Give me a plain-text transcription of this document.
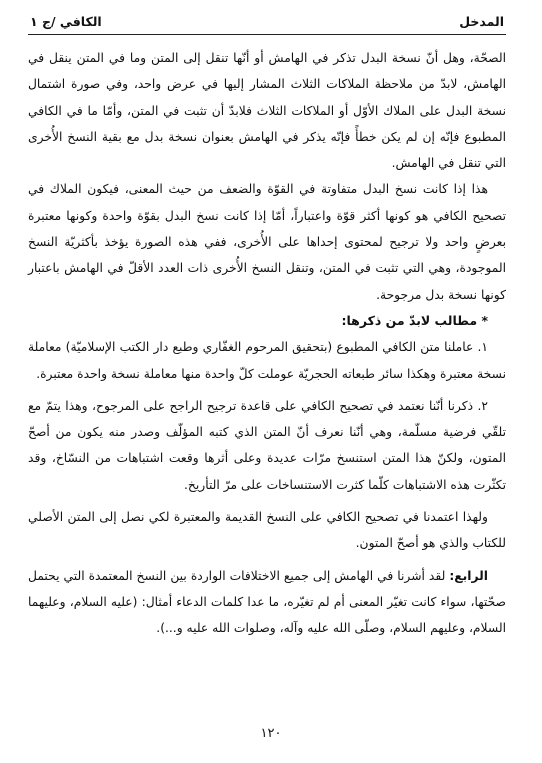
المدخل
الكافي /ج ١

الصحّة، وهل أنّ نسخة البدل تذكر في الهامش أو أنّها تنقل إلى المتن وما في المتن ينقل في الهامش، لابدّ من ملاحظة الملاكات الثلاث المشار إليها في عرض واحد، وفي صورة اشتمال نسخة البدل على الملاك الأوّل أو الملاكات الثلاث فلابدّ أن تثبت في المتن، وأمّا ما في الكافي المطبوع فإنّه إن لم يكن خطأً فإنّه يذكر في الهامش بعنوان نسخة بدل مع بقية النسخ الأُخرى التي تنقل في الهامش.

هذا إذا كانت نسخ البدل متفاوتة في القوّة والضعف من حيث المعنى، فيكون الملاك في تصحيح الكافي هو كونها أكثر قوّة واعتباراً، أمّا إذا كانت نسخ البدل بقوّة واحدة وكونها معتبرة بعرضٍ واحد ولا ترجيح لمحتوى إحداها على الأُخرى، ففي هذه الصورة يؤخذ بأكثريّة النسخ الموجودة، وهي التي تثبت في المتن، وتنقل النسخ الأُخرى ذات العدد الأقلّ في الهامش باعتبار كونها نسخة بدل مرجوحة.

* مطالب لابدّ من ذكرها:

١. عاملنا متن الكافي المطبوع (بتحقيق المرحوم الغفّاري وطبع دار الكتب الإسلاميّة) معاملة نسخة معتبرة وهكذا سائر طبعاته الحجريّة عوملت كلّ واحدة منها معاملة نسخة واحدة معتبرة.

٢. ذكرنا أنّنا نعتمد في تصحيح الكافي على قاعدة ترجيح الراجح على المرجوح، وهذا يتمّ مع تلقّي فرضية مسلّمة، وهي أنّنا نعرف أنّ المتن الذي كتبه المؤلّف وصدر منه يكون من أصحّ المتون، ولكنّ هذا المتن استنسخ مرّات عديدة وعلى أثرها وقعت اشتباهات من النسّاخ، وقد تكثّرت هذه الاشتباهات كلّما كثرت الاستنساخات على مرّ التأريخ.

ولهذا اعتمدنا في تصحيح الكافي على النسخ القديمة والمعتبرة لكي نصل إلى المتن الأصلي للكتاب والذي هو أصحّ المتون.

الرابع: لقد أشرنا في الهامش إلى جميع الاختلافات الواردة بين النسخ المعتمدة التي يحتمل صحّتها، سواء كانت تغيّر المعنى أم لم تغيّره، ما عدا كلمات الدعاء أمثال: (عليه السلام، وعليهما السلام، وعليهم السلام، وصلّى الله عليه وآله، وصلوات الله عليه و...).

١٢٠
